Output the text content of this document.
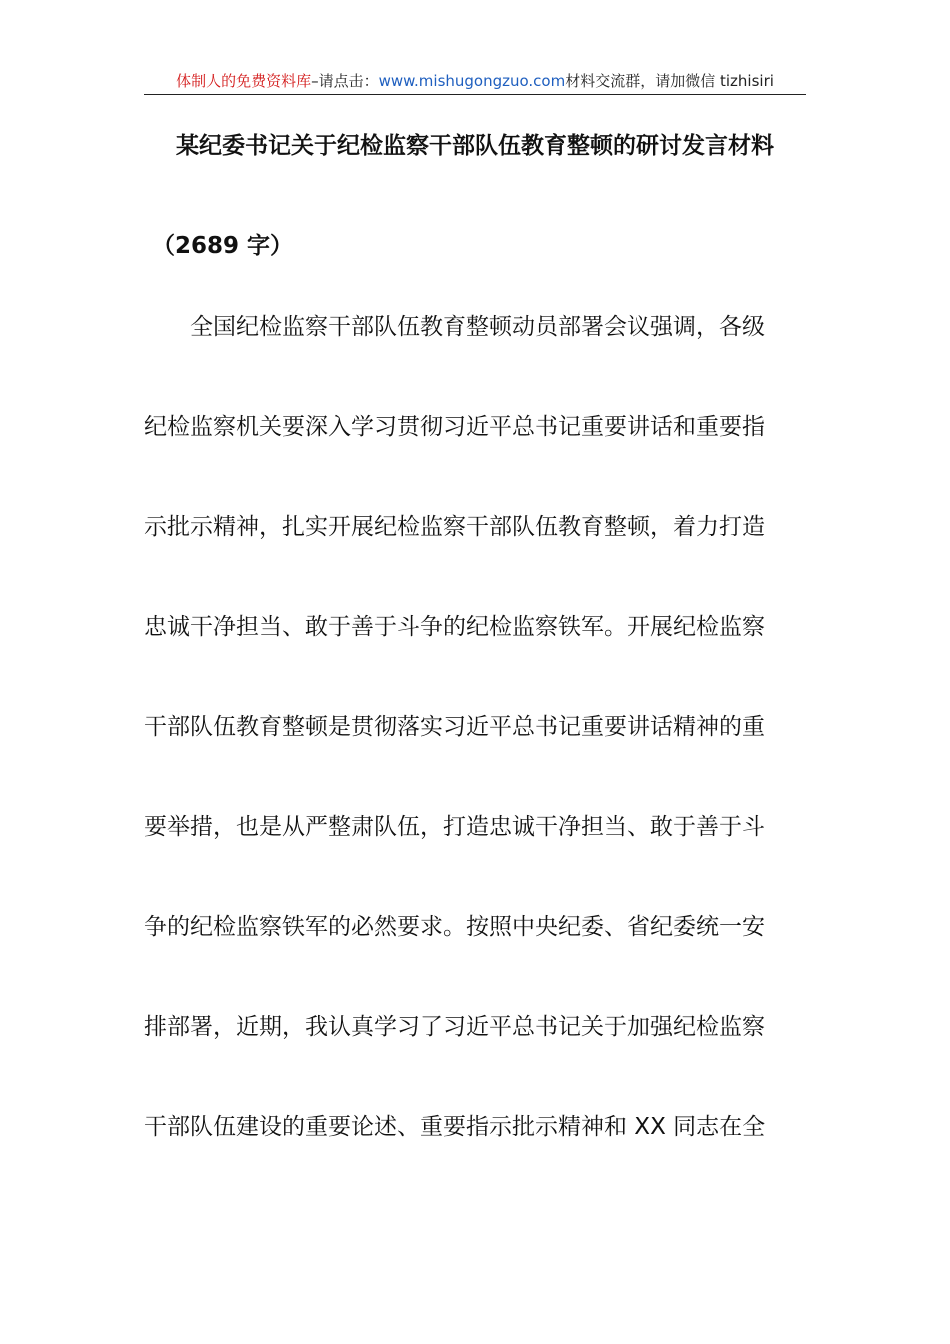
体制人的免费资料库–请点击：www.mishugongzuo.com材料交流群，请加微信 tizhisiri
某纪委书记关于纪检监察干部队伍教育整顿的研讨发言材料
（2689 字）
全国纪检监察干部队伍教育整顿动员部署会议强调，各级
纪检监察机关要深入学习贯彻习近平总书记重要讲话和重要指
示批示精神，扎实开展纪检监察干部队伍教育整顿，着力打造
忠诚干净担当、敢于善于斗争的纪检监察铁军。开展纪检监察
干部队伍教育整顿是贯彻落实习近平总书记重要讲话精神的重
要举措，也是从严整肃队伍，打造忠诚干净担当、敢于善于斗
争的纪检监察铁军的必然要求。按照中央纪委、省纪委统一安
排部署，近期，我认真学习了习近平总书记关于加强纪检监察
干部队伍建设的重要论述、重要指示批示精神和 XX 同志在全
